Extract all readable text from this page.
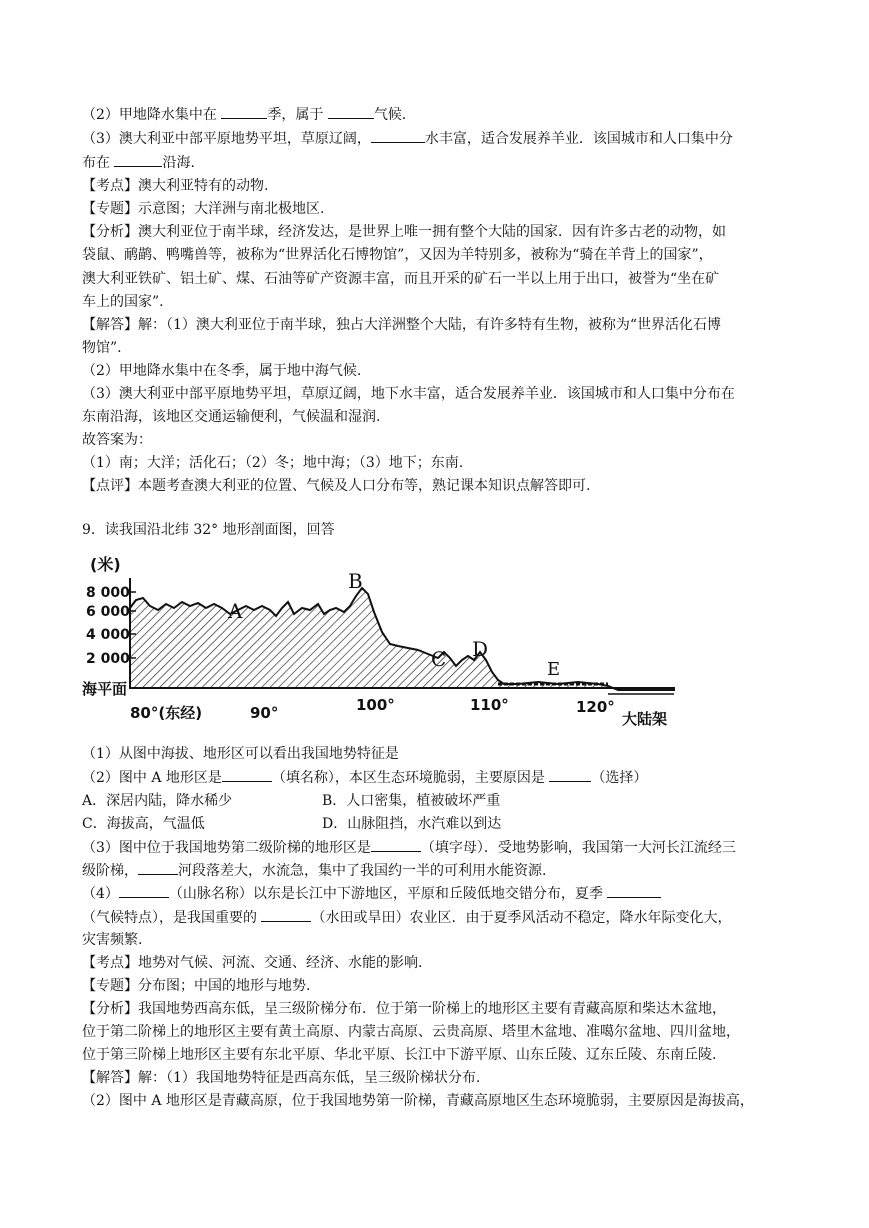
（2）甲地降水集中在	季，属于	气候.
（3）澳大利亚中部平原地势平坦，草原辽阔，	水丰富，适合发展养羊业．该国城市和人口集中分
布在	沿海.
【考点】澳大利亚特有的动物.
【专题】示意图；大洋洲与南北极地区.
【分析】澳大利亚位于南半球，经济发达，是世界上唯一拥有整个大陆的国家．因有许多古老的动物，如
袋鼠、鸸鹋、鸭嘴兽等，被称为“世界活化石博物馆”，又因为羊特别多，被称为“骑在羊背上的国家”，
澳大利亚铁矿、铝土矿、煤、石油等矿产资源丰富，而且开采的矿石一半以上用于出口，被誉为“坐在矿
车上的国家”.
【解答】解：（1）澳大利亚位于南半球，独占大洋洲整个大陆，有许多特有生物，被称为“世界活化石博
物馆”.
（2）甲地降水集中在冬季，属于地中海气候.
（3）澳大利亚中部平原地势平坦，草原辽阔，地下水丰富，适合发展养羊业．该国城市和人口集中分布在
东南沿海，该地区交通运输便利，气候温和湿润.
故答案为：
（1）南；大洋；活化石；（2）冬；地中海；（3）地下；东南.
【点评】本题考查澳大利亚的位置、气候及人口分布等，熟记课本知识点解答即可.
9．读我国沿北纬 32° 地形剖面图，回答
(米)
8 000
6 000
4 000
2 000
海平面
80°(东经)	90°	100°	110°	120°
大陆架
A
B
C D
E
（1）从图中海拔、地形区可以看出我国地势特征是
（2）图中 A 地形区是	（填名称），本区生态环境脆弱，主要原因是	（选择）
A．深居内陆，降水稀少	B．人口密集，植被破坏严重
C．海拔高，气温低	D．山脉阻挡，水汽难以到达
（3）图中位于我国地势第二级阶梯的地形区是	（填字母）．受地势影响，我国第一大河长江流经三
级阶梯，	河段落差大，水流急，集中了我国约一半的可利用水能资源.
（4）	（山脉名称）以东是长江中下游地区，平原和丘陵低地交错分布，夏季
（气候特点），是我国重要的	（水田或旱田）农业区．由于夏季风活动不稳定，降水年际变化大，
灾害频繁.
【考点】地势对气候、河流、交通、经济、水能的影响.
【专题】分布图；中国的地形与地势.
【分析】我国地势西高东低，呈三级阶梯分布．位于第一阶梯上的地形区主要有青藏高原和柴达木盆地，
位于第二阶梯上的地形区主要有黄土高原、内蒙古高原、云贵高原、塔里木盆地、准噶尔盆地、四川盆地，
位于第三阶梯上地形区主要有东北平原、华北平原、长江中下游平原、山东丘陵、辽东丘陵、东南丘陵.
【解答】解：（1）我国地势特征是西高东低，呈三级阶梯状分布.
（2）图中 A 地形区是青藏高原，位于我国地势第一阶梯，青藏高原地区生态环境脆弱，主要原因是海拔高，
